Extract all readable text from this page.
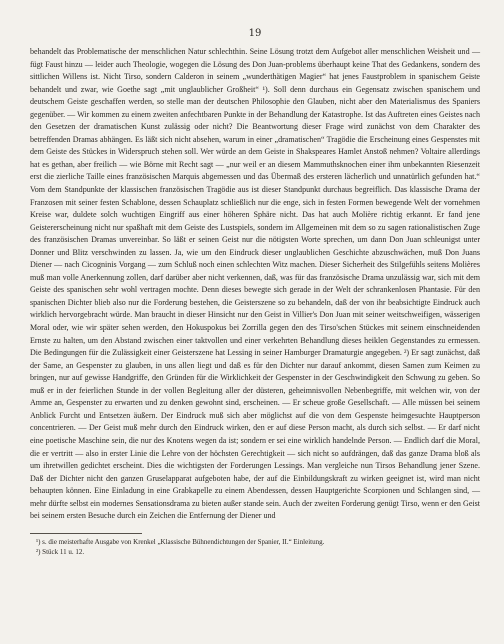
19

behandelt das Problematische der menschlichen Natur schlechthin. Seine Lösung trotzt dem Aufgebot aller menschlichen Weisheit und — fügt Faust hinzu — leider auch Theologie, wogegen die Lösung des Don Juan-problems überhaupt keine That des Gedankens, sondern des sittlichen Willens ist. Nicht Tirso, sondern Calderon in seinem „wunderthätigen Magier“ hat jenes Faustproblem in spanischem Geiste behandelt und zwar, wie Goethe sagt „mit unglaublicher Großheit“ ¹). Soll denn durchaus ein Gegensatz zwischen spanischem und deutschem Geiste geschaffen werden, so stelle man der deutschen Philosophie den Glauben, nicht aber den Materialismus des Spaniers gegenüber. — Wir kommen zu einem zweiten anfechtbaren Punkte in der Behandlung der Katastrophe. Ist das Auftreten eines Geistes nach den Gesetzen der dramatischen Kunst zulässig oder nicht? Die Beantwortung dieser Frage wird zunächst von dem Charakter des betreffenden Dramas abhängen. Es läßt sich nicht absehen, warum in einer „dramatischen“ Tragödie die Erscheinung eines Gespenstes mit dem Geiste des Stückes in Widerspruch stehen soll. Wer würde an dem Geiste in Shakspeares Hamlet Anstoß nehmen? Voltaire allerdings hat es gethan, aber freilich — wie Börne mit Recht sagt — „nur weil er an diesem Mammuthsknochen einer ihm unbekannten Riesenzeit erst die zierliche Taille eines französischen Marquis abgemessen und das Übermaß des ersteren lächerlich und unnatürlich gefunden hat.“ Vom dem Standpunkte der klassischen französischen Tragödie aus ist dieser Standpunkt durchaus begreiflich. Das klassische Drama der Franzosen mit seiner festen Schablone, dessen Schauplatz schließlich nur die enge, sich in festen Formen bewegende Welt der vornehmen Kreise war, duldete solch wuchtigen Eingriff aus einer höheren Sphäre nicht. Das hat auch Molière richtig erkannt. Er fand jene Geistererscheinung nicht nur spaßhaft mit dem Geiste des Lustspiels, sondern im Allgemeinen mit dem so zu sagen rationalistischen Zuge des französischen Dramas unvereinbar. So läßt er seinen Geist nur die nötigsten Worte sprechen, um dann Don Juan schleunigst unter Donner und Blitz verschwinden zu lassen. Ja, wie um den Eindruck dieser unglaublichen Geschichte abzuschwächen, muß Don Juans Diener — nach Cicogninis Vorgang — zum Schluß noch einen schlechten Witz machen. Dieser Sicherheit des Stilgefühls seitens Molières muß man volle Anerkennung zollen, darf darüber aber nicht verkennen, daß, was für das französische Drama unzulässig war, sich mit dem Geiste des spanischen sehr wohl vertragen mochte. Denn dieses bewegte sich gerade in der Welt der schrankenlosen Phantasie. Für den spanischen Dichter blieb also nur die Forderung bestehen, die Geisterszene so zu behandeln, daß der von ihr beabsichtigte Eindruck auch wirklich hervorgebracht würde. Man braucht in dieser Hinsicht nur den Geist in Villier's Don Juan mit seiner weitschweifigen, wässerigen Moral oder, wie wir später sehen werden, den Hokuspokus bei Zorrilla gegen den des Tirso'schen Stückes mit seinem einschneidenden Ernste zu halten, um den Abstand zwischen einer taktvollen und einer verkehrten Behandlung dieses heiklen Gegenstandes zu ermessen. Die Bedingungen für die Zulässigkeit einer Geisterszene hat Lessing in seiner Hamburger Dramaturgie angegeben. ²) Er sagt zunächst, daß der Same, an Gespenster zu glauben, in uns allen liegt und daß es für den Dichter nur darauf ankommt, diesen Samen zum Keimen zu bringen, nur auf gewisse Handgriffe, den Gründen für die Wirklichkeit der Gespenster in der Geschwindigkeit den Schwung zu geben. So muß er in der feierlichen Stunde in der vollen Begleitung aller der düsteren, geheimnisvollen Nebenbegriffe, mit welchen wir, von der Amme an, Gespenster zu erwarten und zu denken gewohnt sind, erscheinen. — Er scheue große Gesellschaft. — Alle müssen bei seinem Anblick Furcht und Entsetzen äußern. Der Eindruck muß sich aber möglichst auf die von dem Gespenste heimgesuchte Hauptperson concentrieren. — Der Geist muß mehr durch den Eindruck wirken, den er auf diese Person macht, als durch sich selbst. — Er darf nicht eine poetische Maschine sein, die nur des Knotens wegen da ist; sondern er sei eine wirklich handelnde Person. — Endlich darf die Moral, die er vertritt — also in erster Linie die Lehre von der höchsten Gerechtigkeit — sich nicht so aufdrängen, daß das ganze Drama bloß als um ihretwillen gedichtet erscheint. Dies die wichtigsten der Forderungen Lessings. Man vergleiche nun Tirsos Behandlung jener Szene. Daß der Dichter nicht den ganzen Gruselapparat aufgeboten habe, der auf die Einbildungskraft zu wirken geeignet ist, wird man nicht behaupten können. Eine Einladung in eine Grabkapelle zu einem Abendessen, dessen Hauptgerichte Scorpionen und Schlangen sind, — mehr dürfte selbst ein modernes Sensationsdrama zu bieten außer stande sein. Auch der zweiten Forderung genügt Tirso, wenn er den Geist bei seinem ersten Besuche durch ein Zeichen die Entfernung der Diener und

¹) s. die meisterhafte Ausgabe von Krenkel „Klassische Bühnendichtungen der Spanier, II.“ Einleitung.

²) Stück 11 u. 12.
